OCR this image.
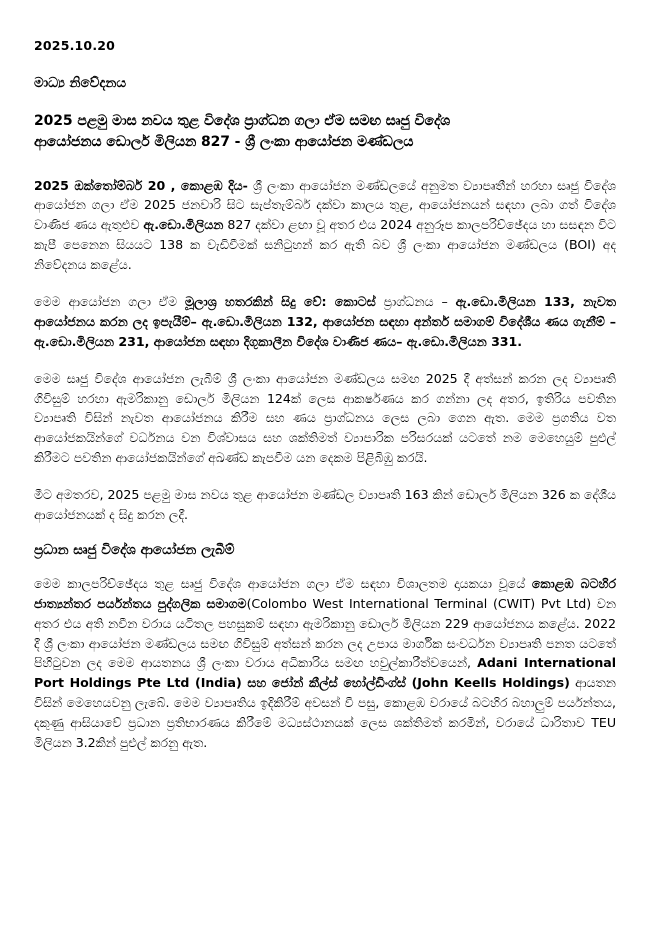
2025.10.20
මාධ්‍ය නිවේදනය
2025 පළමු මාස නවය තුළ විදේශ ප්‍රාග්ධන ගලා ඒම සමඟ සෘජු විදේශ
ආයෝජනය ඩොලර් මිලියන 827 - ශ්‍රී ලංකා ආයෝජන මණ්ඩලය

2025 ඔක්තෝම්බර් 20 , කොළඹ දිය- ශ්‍රී ලංකා ආයෝජන මණ්ඩලයේ අනුමත ව්‍යාපෘතීන් හරහා සෘජු විදේශ ආයෝජන ගලා ඒම 2025 ජනවාරි සිට සැප්තැම්බර් දක්වා කාලය තුළ, ආයෝජනයන් සඳහා ලබා ගත් විදේශ වාණිජ ණය ඇතුළුව ඇ.ඩො.මිලියන 827 දක්වා ළඟා වූ අතර එය 2024 අනුරූප කාලපරිච්ඡේදය හා සසඳන විට කැපී පෙනෙන සියයට 138 ක වැඩිවීමක් සනිටුහන් කර ඇති බව ශ්‍රී ලංකා ආයෝජන මණ්ඩලය (BOI) අද නිවේදනය කළේය.

මෙම ආයෝජන ගලා ඒම මූලාශ්‍ර හතරකින් සිදු වේ: කොටස් ප්‍රාග්ධනය – ඇ.ඩො.මිලියන 133, නැවත ආයෝජනය කරන ලද ඉපැයීම්– ඇ.ඩො.මිලියන 132, ආයෝජන සඳහා අන්තර් සමාගම් විදේශීය ණය ගැනීම් – ඇ.ඩො.මිලියන 231, ආයෝජන සඳහා දිගුකාලීන විදේශ වාණිජ ණය– ඇ.ඩො.මිලියන 331.

මෙම සෘජු විදේශ ආයෝජන ලැබීම් ශ්‍රී ලංකා ආයෝජන මණ්ඩලය සමඟ 2025 දී අත්සන් කරන ලද ව්‍යාපෘති ගිවිසුම් හරහා ඇමරිකානු ඩොලර් මිලියන 124ක් ලෙස ආකර්ෂණය කර ගන්නා ලද අතර, ඉතිරිය පවතින ව්‍යාපෘති විසින් නැවත ආයෝජනය කිරීම සහ ණය ප්‍රාග්ධනය ලෙස ලබා ගෙන ඇත. මෙම ප්‍රගතිය වත ආයෝජකයින්ගේ වර්ධනය වන විශ්වාසය සහ ශක්තිමත් ව්‍යාපාරික පරිසරයක් යටතේ නම මෙහෙයුම් පුළුල් කිරීමට පවතින ආයෝජකයින්ගේ අඛණ්ඩ කැපවීම යන දෙකම පිළිබිඹු කරයි.

මීට අමතරව, 2025 පළමු මාස නවය තුළ ආයෝජන මණ්ඩල ව්‍යාපෘති 163 කින් ඩොලර් මිලියන 326 ක දේශීය ආයෝජනයක් ද සිදු කරන ලදී.

ප්‍රධාන සෘජු විදේශ ආයෝජන ලැබීම්

මෙම කාලපරිච්ඡේදය තුළ සෘජු විදේශ ආයෝජන ගලා ඒම සඳහා විශාලතම දායකයා වූයේ කොළඹ බටහිර ජාත්‍යන්තර පර්යන්තය පුද්ගලික සමාගම(Colombo West International Terminal (CWIT) Pvt Ltd) වන අතර එය අති නවීන වරාය යටිතල පහසුකම් සඳහා ඇමරිකානු ඩොලර් මිලියන 229 ආයෝජනය කළේය. 2022 දී ශ්‍රී ලංකා ආයෝජන මණ්ඩලය සමඟ ගිවිසුම් අත්සන් කරන ලද උපාය මාර්ගික සංවර්ධන ව්‍යාපෘති පනත යටතේ පිහිටුවන ලද මෙම ආයතනය ශ්‍රී ලංකා වරාය අධිකාරිය සමඟ හවුල්කාරීත්වයෙන්, Adani International Port Holdings Pte Ltd (India) සහ ජෝන් කීල්ස් හෝල්ඩිංග්ස් (John Keells Holdings) ආයතන විසින් මෙහෙයවනු ලැබේ. මෙම ව්‍යාපෘතිය ඉදිකිරීම් අවසන් වී පසු, කොළඹ වරායේ බටහිර බහාලුම් පර්යන්තය, දකුණු ආසියාවේ ප්‍රධාන ප්‍රතිභාරණය කිරීමේ මධ්‍යස්ථානයක් ලෙස ශක්තිමත් කරමින්, වරායේ ධාරිතාව TEU මිලියන 3.2කින් පුළුල් කරනු ඇත.
